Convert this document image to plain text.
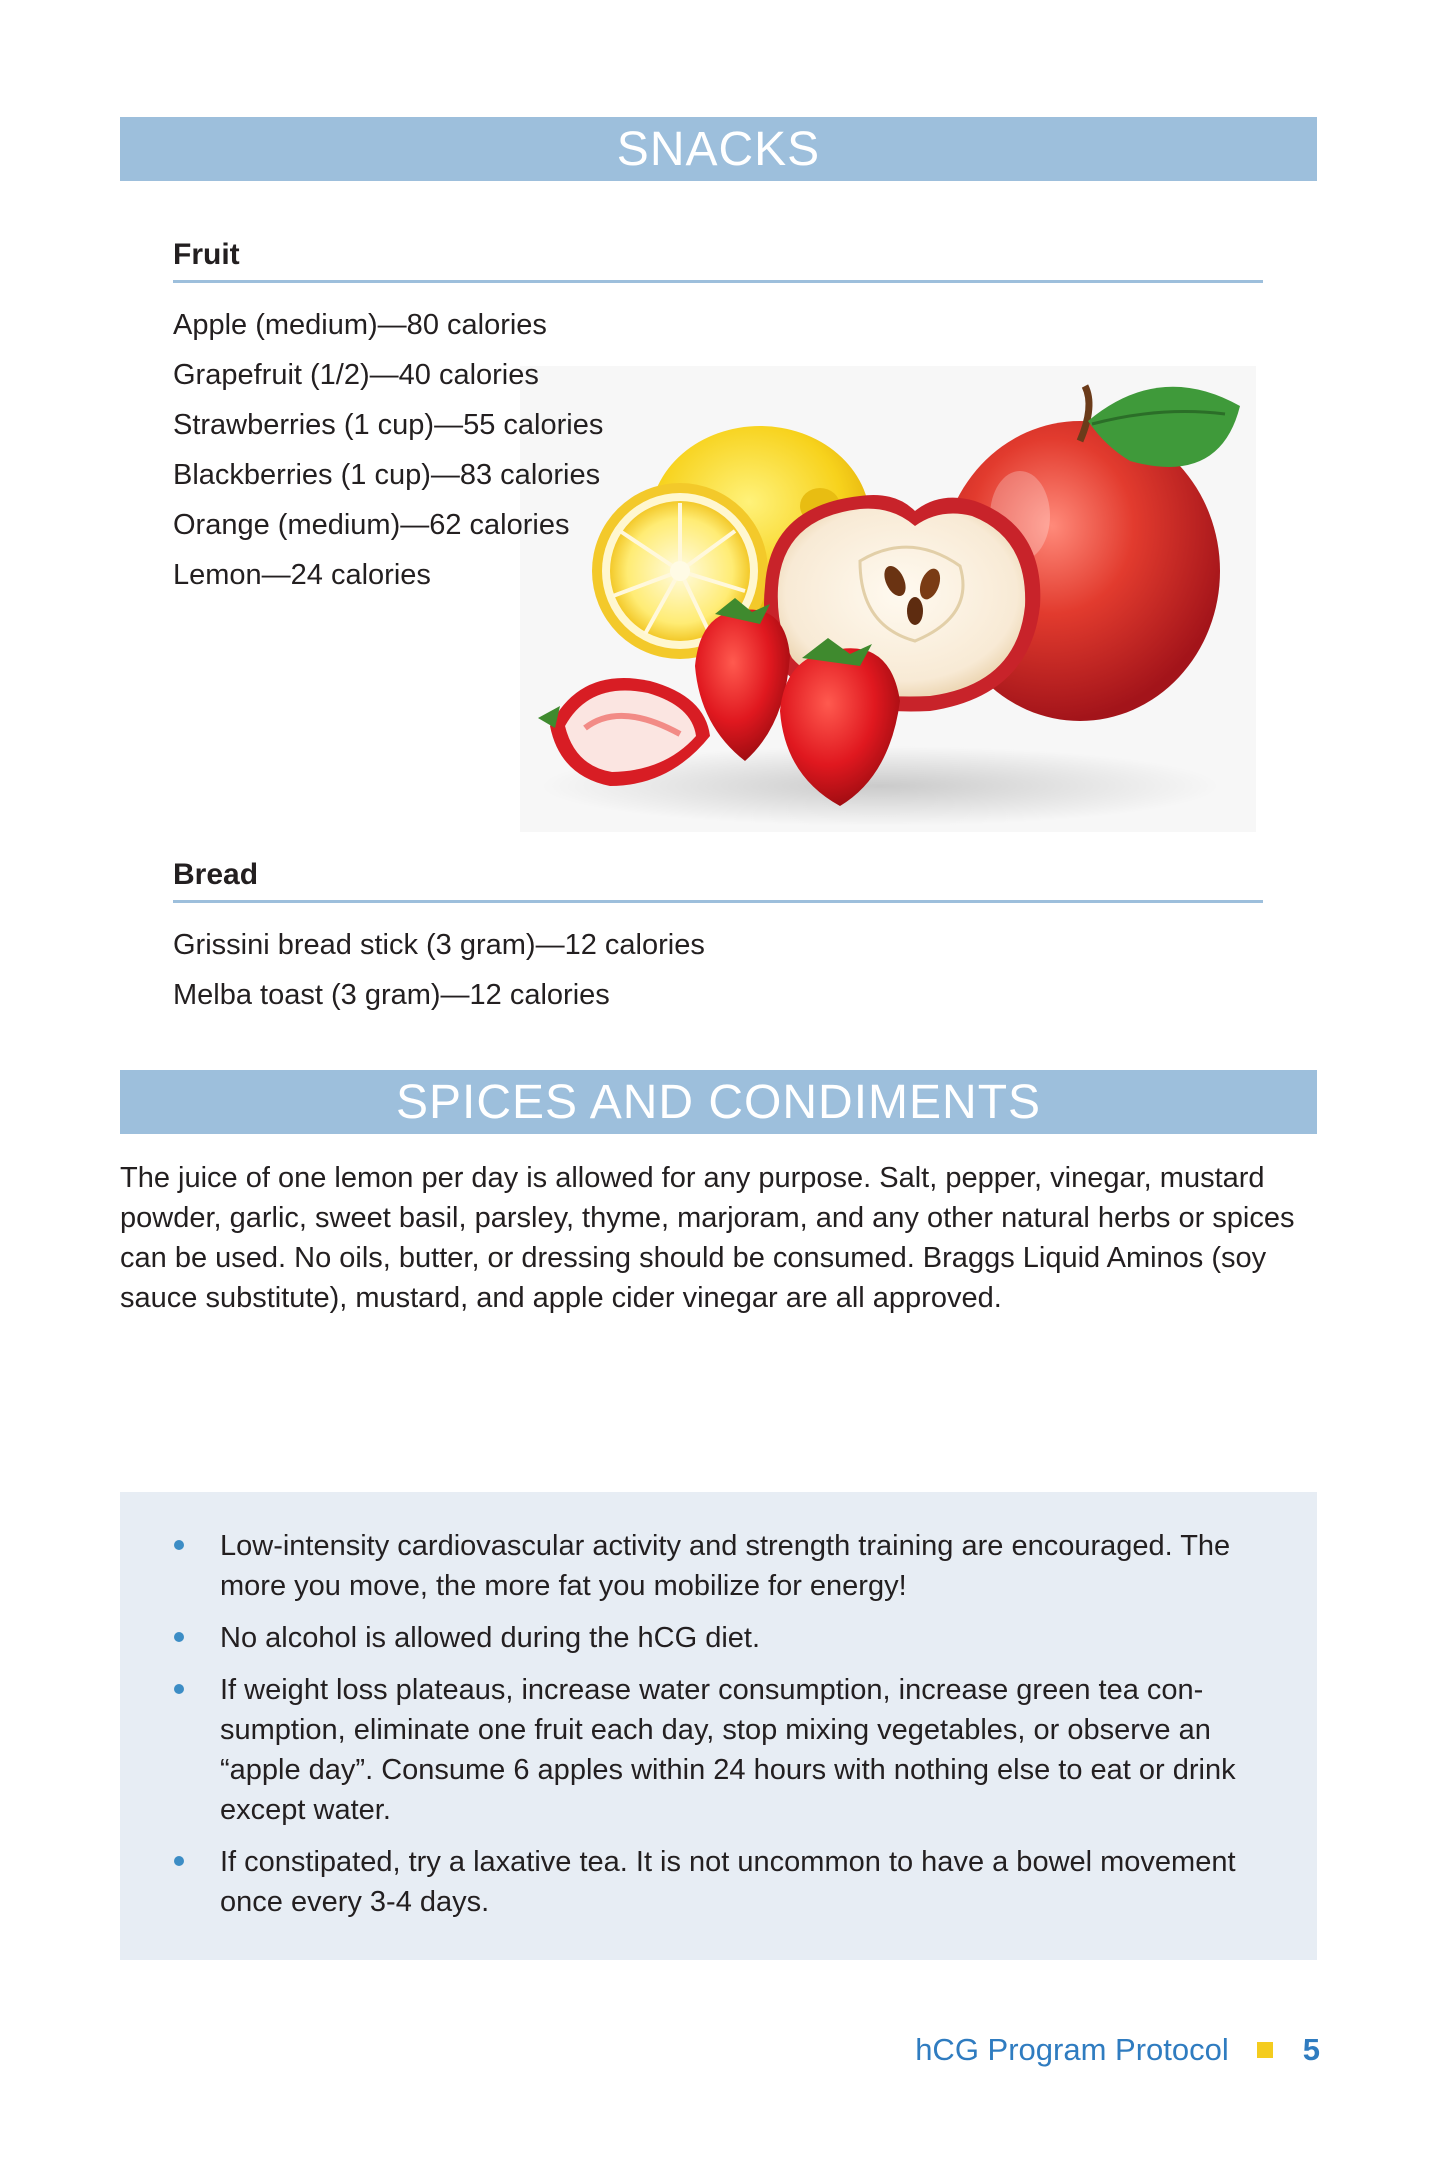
SNACKS
Fruit
Apple (medium)—80 calories
Grapefruit (1/2)—40 calories
Strawberries (1 cup)—55 calories
Blackberries (1 cup)—83 calories
Orange (medium)—62 calories
Lemon—24 calories
Bread
Grissini bread stick (3 gram)—12 calories
Melba toast (3 gram)—12 calories
SPICES AND CONDIMENTS

The juice of one lemon per day is allowed for any purpose. Salt, pepper, vinegar, mustard powder, garlic, sweet basil, parsley, thyme, marjoram, and any other natural herbs or spices can be used. No oils, butter, or dressing should be consumed. Braggs Liquid Aminos (soy sauce substitute), mustard, and apple cider vinegar are all approved.

Low-intensity cardiovascular activity and strength training are encouraged. The more you move, the more fat you mobilize for energy!
No alcohol is allowed during the hCG diet.
If weight loss plateaus, increase water consumption, increase green tea con-sumption, eliminate one fruit each day, stop mixing vegetables, or observe an “apple day”. Consume 6 apples within 24 hours with nothing else to eat or drink except water.
If constipated, try a laxative tea. It is not uncommon to have a bowel movement once every 3-4 days.
hCG Program Protocol 5
